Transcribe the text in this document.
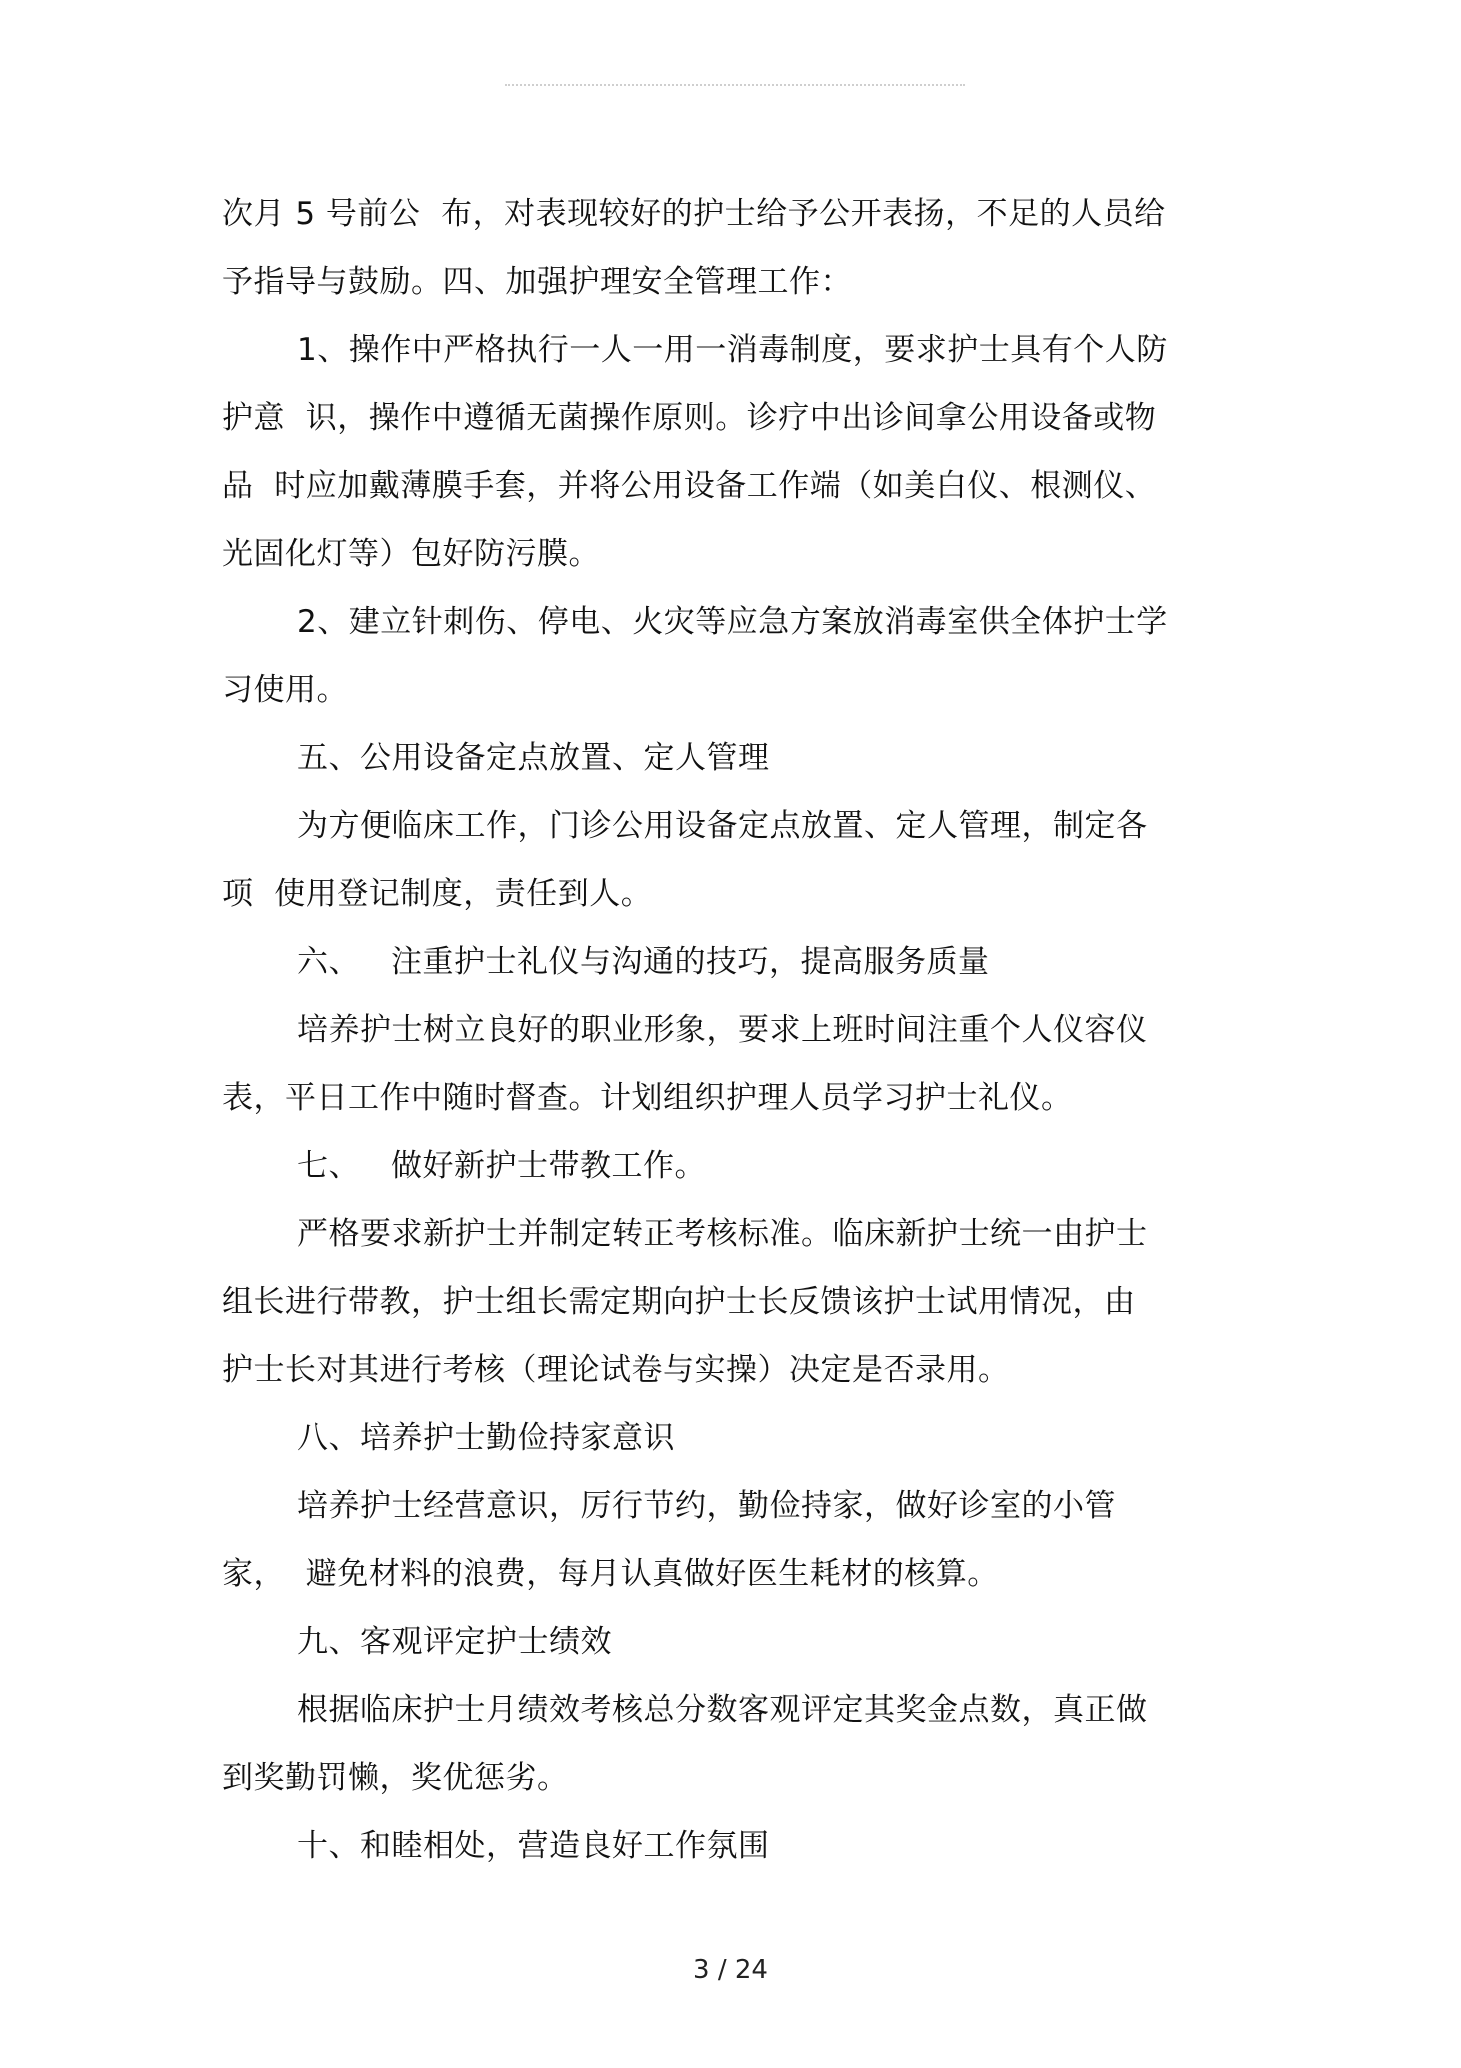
次月 5 号前公  布，对表现较好的护士给予公开表扬，不足的人员给
予指导与鼓励。四、加强护理安全管理工作：
1、操作中严格执行一人一用一消毒制度，要求护士具有个人防
护意  识，操作中遵循无菌操作原则。诊疗中出诊间拿公用设备或物
品  时应加戴薄膜手套，并将公用设备工作端（如美白仪、根测仪、
光固化灯等）包好防污膜。
2、建立针刺伤、停电、火灾等应急方案放消毒室供全体护士学
习使用。
五、公用设备定点放置、定人管理
为方便临床工作，门诊公用设备定点放置、定人管理，制定各
项  使用登记制度，责任到人。
六、   注重护士礼仪与沟通的技巧，提高服务质量
培养护士树立良好的职业形象，要求上班时间注重个人仪容仪
表，平日工作中随时督查。计划组织护理人员学习护士礼仪。
七、   做好新护士带教工作。
严格要求新护士并制定转正考核标准。临床新护士统一由护士
组长进行带教，护士组长需定期向护士长反馈该护士试用情况，由
护士长对其进行考核（理论试卷与实操）决定是否录用。
八、培养护士勤俭持家意识
培养护士经营意识，厉行节约，勤俭持家，做好诊室的小管
家，  避免材料的浪费，每月认真做好医生耗材的核算。
九、客观评定护士绩效
根据临床护士月绩效考核总分数客观评定其奖金点数，真正做
到奖勤罚懒，奖优惩劣。
十、和睦相处，营造良好工作氛围
3 / 24
